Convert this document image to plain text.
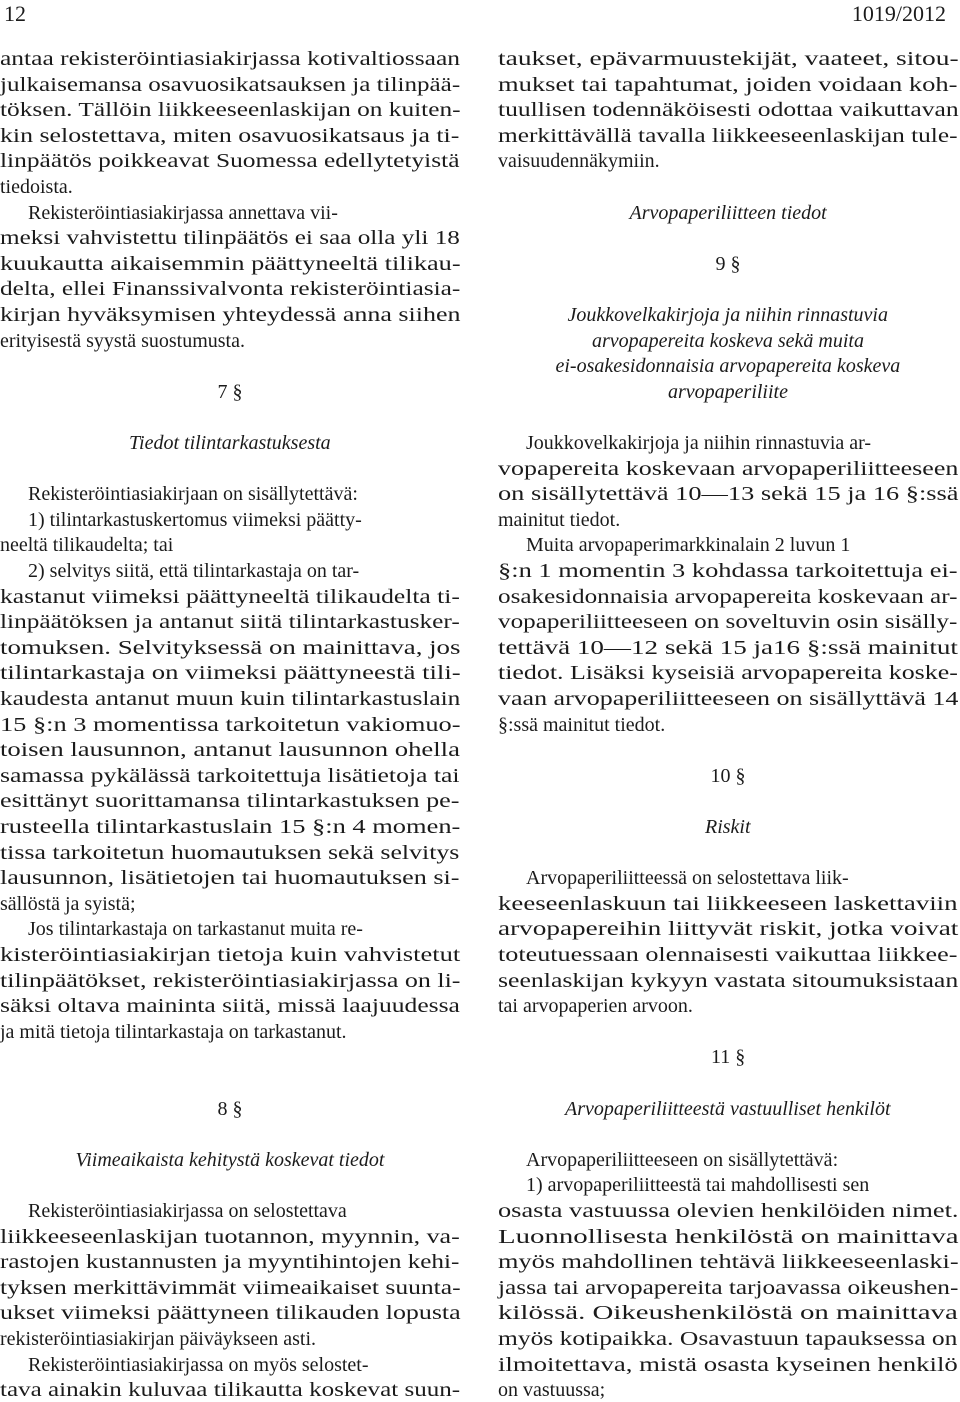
12	1019/2012
antaa rekisteröintiasiakirjassa kotivaltiossaan
julkaisemansa osavuosikatsauksen ja tilinpää-
töksen. Tällöin liikkeeseenlaskijan on kuiten-
kin selostettava, miten osavuosikatsaus ja ti-
linpäätös poikkeavat Suomessa edellytetyistä
tiedoista.
Rekisteröintiasiakirjassa annettava vii-
meksi vahvistettu tilinpäätös ei saa olla yli 18
kuukautta aikaisemmin päättyneeltä tilikau-
delta, ellei Finanssivalvonta rekisteröintiasia-
kirjan hyväksymisen yhteydessä anna siihen
erityisestä syystä suostumusta.
7 §
Tiedot tilintarkastuksesta
Rekisteröintiasiakirjaan on sisällytettävä:
1) tilintarkastuskertomus viimeksi päätty-
neeltä tilikaudelta; tai
2) selvitys siitä, että tilintarkastaja on tar-
kastanut viimeksi päättyneeltä tilikaudelta ti-
linpäätöksen ja antanut siitä tilintarkastusker-
tomuksen. Selvityksessä on mainittava, jos
tilintarkastaja on viimeksi päättyneestä tili-
kaudesta antanut muun kuin tilintarkastuslain
15 §:n 3 momentissa tarkoitetun vakiomuo-
toisen lausunnon, antanut lausunnon ohella
samassa pykälässä tarkoitettuja lisätietoja tai
esittänyt suorittamansa tilintarkastuksen pe-
rusteella tilintarkastuslain 15 §:n 4 momen-
tissa tarkoitetun huomautuksen sekä selvitys
lausunnon, lisätietojen tai huomautuksen si-
sällöstä ja syistä;
Jos tilintarkastaja on tarkastanut muita re-
kisteröintiasiakirjan tietoja kuin vahvistetut
tilinpäätökset, rekisteröintiasiakirjassa on li-
säksi oltava maininta siitä, missä laajuudessa
ja mitä tietoja tilintarkastaja on tarkastanut.
8 §
Viimeaikaista kehitystä koskevat tiedot
Rekisteröintiasiakirjassa on selostettava
liikkeeseenlaskijan tuotannon, myynnin, va-
rastojen kustannusten ja myyntihintojen kehi-
tyksen merkittävimmät viimeaikaiset suunta-
ukset viimeksi päättyneen tilikauden lopusta
rekisteröintiasiakirjan päiväykseen asti.
Rekisteröintiasiakirjassa on myös selostet-
tava ainakin kuluvaa tilikautta koskevat suun-
taukset, epävarmuustekijät, vaateet, sitou-
mukset tai tapahtumat, joiden voidaan koh-
tuullisen todennäköisesti odottaa vaikuttavan
merkittävällä tavalla liikkeeseenlaskijan tule-
vaisuudennäkymiin.
Arvopaperiliitteen tiedot
9 §
Joukkovelkakirjoja ja niihin rinnastuvia
arvopapereita koskeva sekä muita
ei-osakesidonnaisia arvopapereita koskeva
arvopaperiliite
Joukkovelkakirjoja ja niihin rinnastuvia ar-
vopapereita koskevaan arvopaperiliitteeseen
on sisällytettävä 10—13 sekä 15 ja 16 §:ssä
mainitut tiedot.
Muita arvopaperimarkkinalain 2 luvun 1
§:n 1 momentin 3 kohdassa tarkoitettuja ei-
osakesidonnaisia arvopapereita koskevaan ar-
vopaperiliitteeseen on soveltuvin osin sisälly-
tettävä 10—12 sekä 15 ja16 §:ssä mainitut
tiedot. Lisäksi kyseisiä arvopapereita koske-
vaan arvopaperiliitteeseen on sisällyttävä 14
§:ssä mainitut tiedot.
10 §
Riskit
Arvopaperiliitteessä on selostettava liik-
keeseenlaskuun tai liikkeeseen laskettaviin
arvopapereihin liittyvät riskit, jotka voivat
toteutuessaan olennaisesti vaikuttaa liikkee-
seenlaskijan kykyyn vastata sitoumuksistaan
tai arvopaperien arvoon.
11 §
Arvopaperiliitteestä vastuulliset henkilöt
Arvopaperiliitteeseen on sisällytettävä:
1) arvopaperiliitteestä tai mahdollisesti sen
osasta vastuussa olevien henkilöiden nimet.
Luonnollisesta henkilöstä on mainittava
myös mahdollinen tehtävä liikkeeseenlaski-
jassa tai arvopapereita tarjoavassa oikeushen-
kilössä. Oikeushenkilöstä on mainittava
myös kotipaikka. Osavastuun tapauksessa on
ilmoitettava, mistä osasta kyseinen henkilö
on vastuussa;
